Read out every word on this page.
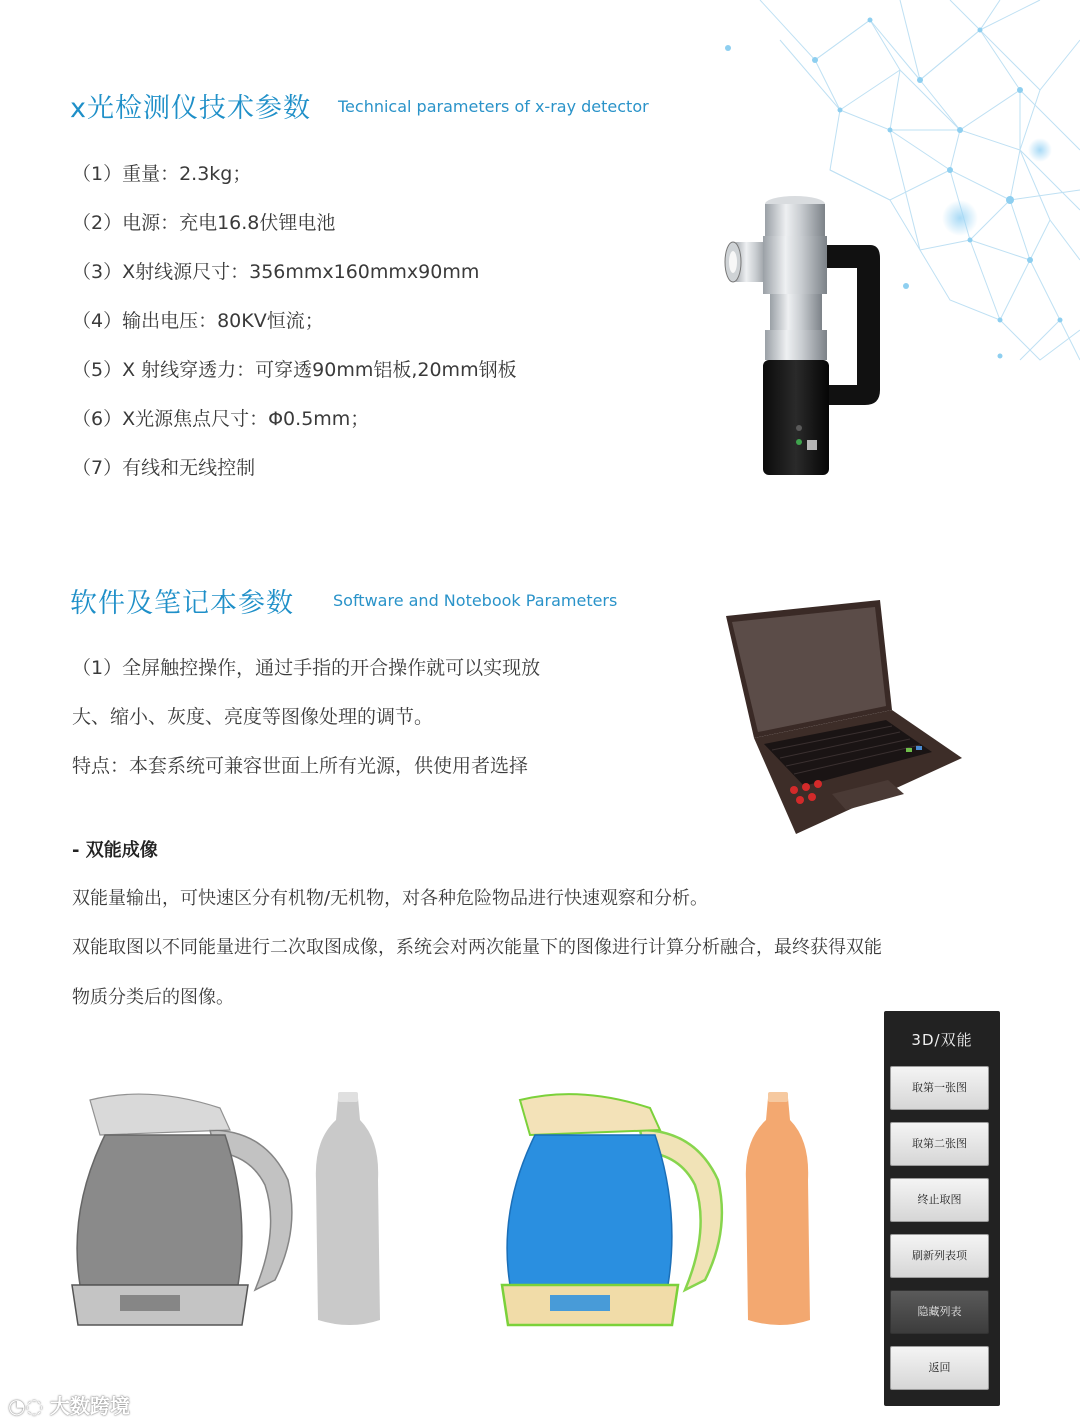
x光检测仪技术参数 Technical parameters of x-ray detector
（1）重量：2.3kg；
（2）电源：充电16.8伏锂电池
（3）X射线源尺寸：356mmx160mmx90mm
（4）输出电压：80KV恒流；
（5）X 射线穿透力：可穿透90mm铝板,20mm钢板
（6）X光源焦点尺寸：Φ0.5mm；
（7）有线和无线控制
软件及笔记本参数 Software and Notebook Parameters
（1）全屏触控操作，通过手指的开合操作就可以实现放
大、缩小、灰度、亮度等图像处理的调节。
特点：本套系统可兼容世面上所有光源，供使用者选择
- 双能成像
双能量输出，可快速区分有机物/无机物，对各种危险物品进行快速观察和分析。
双能取图以不同能量进行二次取图成像，系统会对两次能量下的图像进行计算分析融合，最终获得双能
物质分类后的图像。
3D/双能
取第一张图
取第二张图
终止取图
刷新列表项
隐藏列表
返回
◔◌ 大数跨境
